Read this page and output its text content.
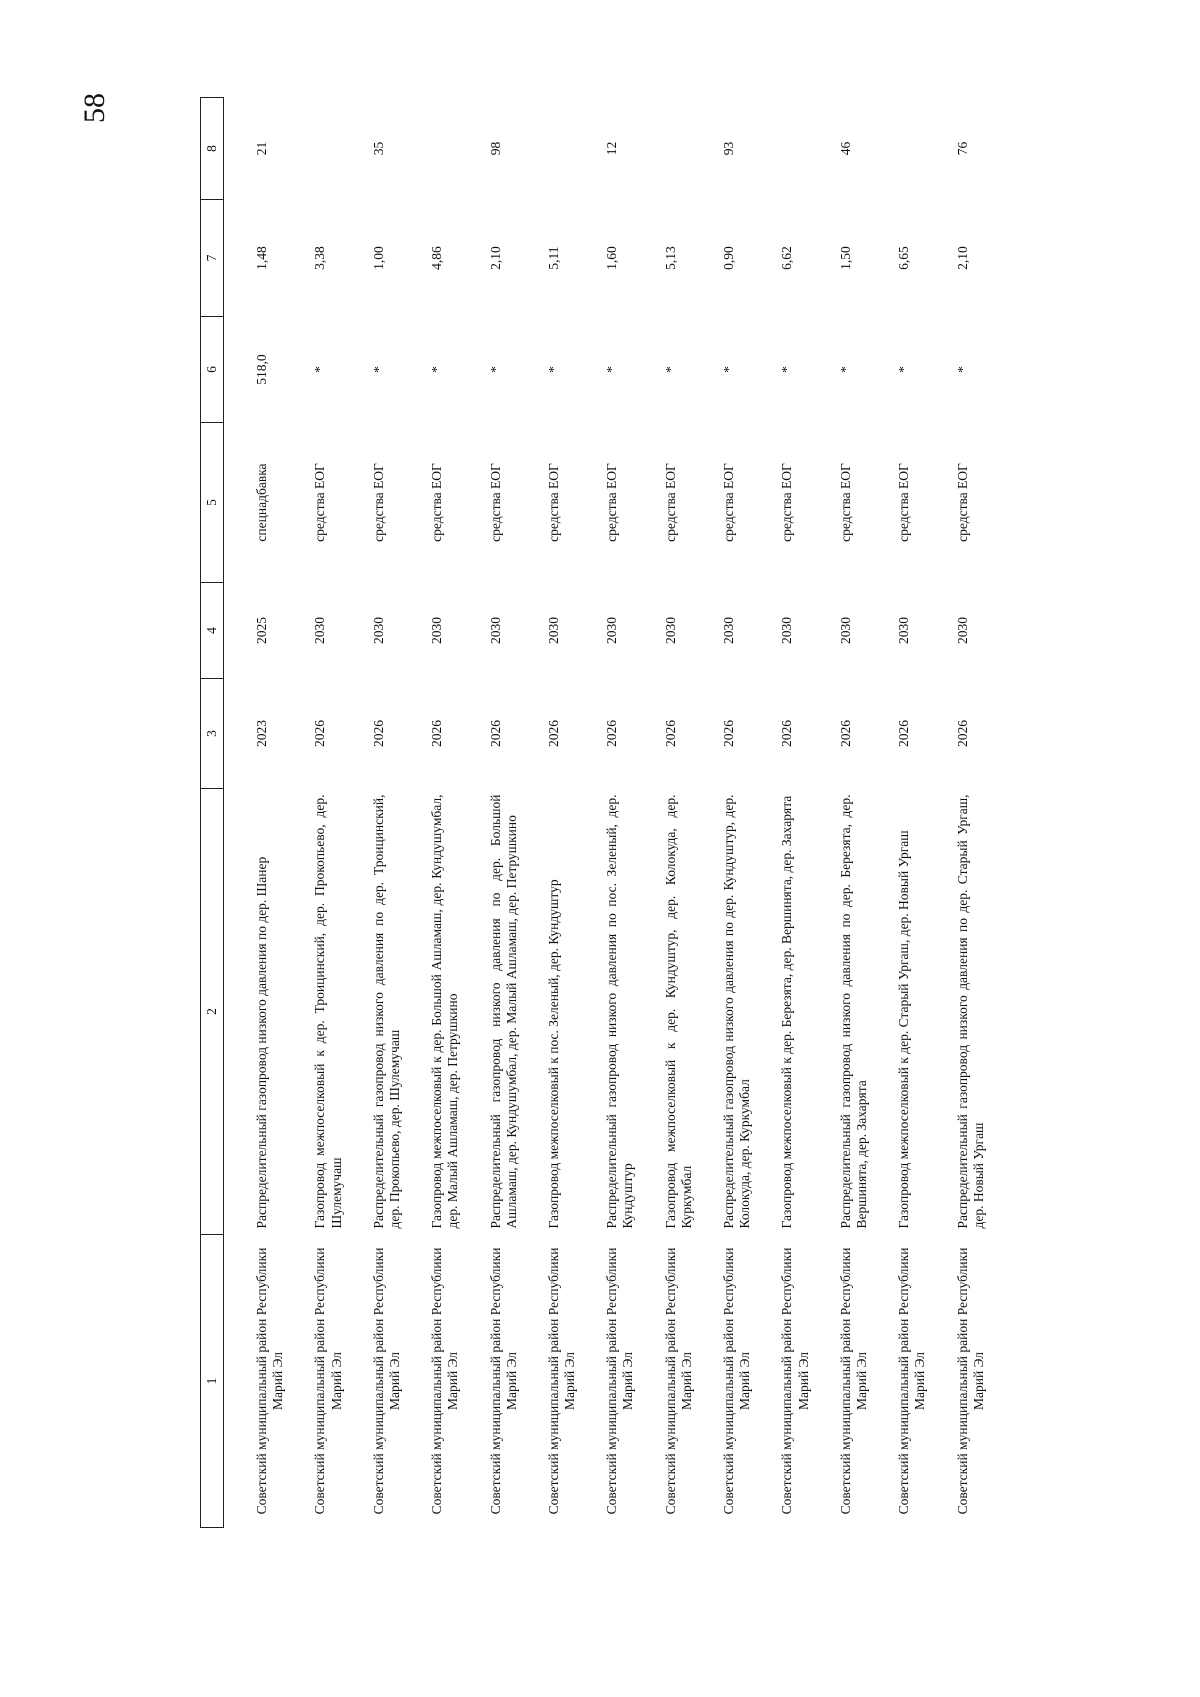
58
1	2	3	4	5	6	7	8
Советский муниципальный район Республики Марий Эл	Распределительный газопровод низкого давления по дер. Шанер	2023	2025	спецнадбавка	518,0	1,48	21
Советский муниципальный район Республики Марий Эл	Газопровод межпоселковый к дер. Троицинский, дер. Прокопьево, дер. Шулемучаш	2026	2030	средства ЕОГ	*	3,38	
Советский муниципальный район Республики Марий Эл	Распределительный газопровод низкого давления по дер. Троицинский, дер. Прокопьево, дер. Шулемучаш	2026	2030	средства ЕОГ	*	1,00	35
Советский муниципальный район Республики Марий Эл	Газопровод межпоселковый к дер. Большой Ашламаш, дер. Кундушумбал, дер. Малый Ашламаш, дер. Петрушкино	2026	2030	средства ЕОГ	*	4,86	
Советский муниципальный район Республики Марий Эл	Распределительный газопровод низкого давления по дер. Большой Ашламаш, дер. Кундушумбал, дер. Малый Ашламаш, дер. Петрушкино	2026	2030	средства ЕОГ	*	2,10	98
Советский муниципальный район Республики Марий Эл	Газопровод межпоселковый к пос. Зеленый, дер. Кундуштур	2026	2030	средства ЕОГ	*	5,11	
Советский муниципальный район Республики Марий Эл	Распределительный газопровод низкого давления по пос. Зеленый, дер. Кундуштур	2026	2030	средства ЕОГ	*	1,60	12
Советский муниципальный район Республики Марий Эл	Газопровод межпоселковый к дер. Кундуштур, дер. Колокуда, дер. Куркумбал	2026	2030	средства ЕОГ	*	5,13	
Советский муниципальный район Республики Марий Эл	Распределительный газопровод низкого давления по дер. Кундуштур, дер. Колокуда, дер. Куркумбал	2026	2030	средства ЕОГ	*	0,90	93
Советский муниципальный район Республики Марий Эл	Газопровод межпоселковый к дер. Березята, дер. Вершинята, дер. Захарята	2026	2030	средства ЕОГ	*	6,62	
Советский муниципальный район Республики Марий Эл	Распределительный газопровод низкого давления по дер. Березята, дер. Вершинята, дер. Захарята	2026	2030	средства ЕОГ	*	1,50	46
Советский муниципальный район Республики Марий Эл	Газопровод межпоселковый к дер. Старый Ургаш, дер. Новый Ургаш	2026	2030	средства ЕОГ	*	6,65	
Советский муниципальный район Республики Марий Эл	Распределительный газопровод низкого давления по дер. Старый Ургаш, дер. Новый Ургаш	2026	2030	средства ЕОГ	*	2,10	76
